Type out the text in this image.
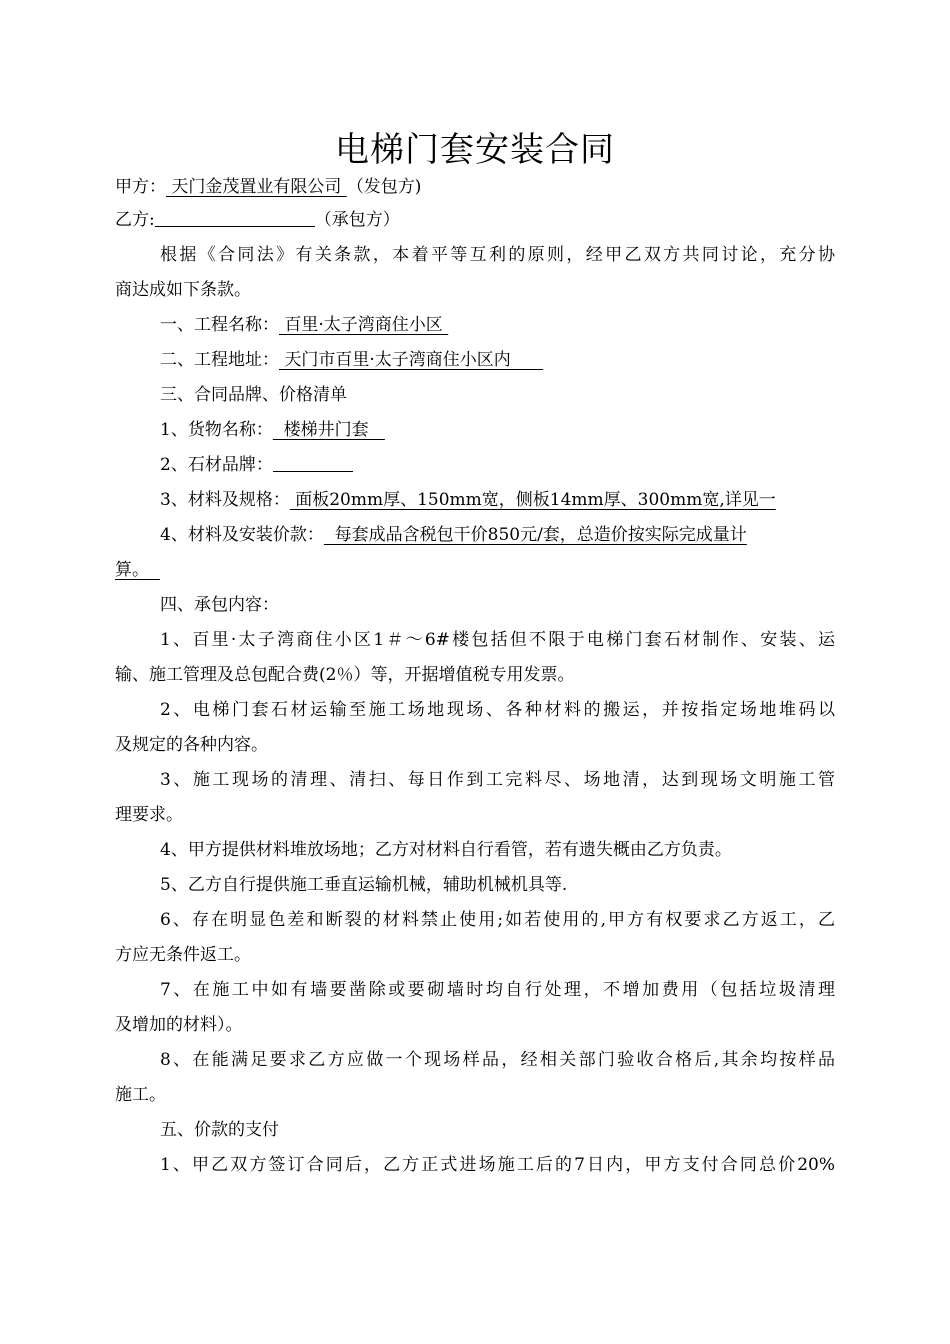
电梯门套安装合同
甲方： 天门金茂置业有限公司 （发包方)
乙方:	（承包方）
根据《合同法》有关条款，本着平等互利的原则，经甲乙双方共同讨论，充分协
商达成如下条款。
一、工程名称： 百里·太子湾商住小区
二、工程地址： 天门市百里·太子湾商住小区内
三、合同品牌、价格清单
1、货物名称：  楼梯井门套
2、石材品牌：
3、材料及规格： 面板20mm厚、150mm宽，侧板14mm厚、300mm宽,详见一
4、材料及安装价款：  每套成品含税包干价850元/套，总造价按实际完成量计
算。
四、承包内容：
1、百里·太子湾商住小区1＃～6#楼包括但不限于电梯门套石材制作、安装、运
输、施工管理及总包配合费(2％）等，开据增值税专用发票。
2、电梯门套石材运输至施工场地现场、各种材料的搬运，并按指定场地堆码以
及规定的各种内容。
3、施工现场的清理、清扫、每日作到工完料尽、场地清，达到现场文明施工管
理要求。
4、甲方提供材料堆放场地；乙方对材料自行看管，若有遗失概由乙方负责。
5、乙方自行提供施工垂直运输机械，辅助机械机具等.
6、存在明显色差和断裂的材料禁止使用;如若使用的,甲方有权要求乙方返工，乙
方应无条件返工。
7、在施工中如有墙要凿除或要砌墙时均自行处理，不增加费用（包括垃圾清理
及增加的材料）。
8、在能满足要求乙方应做一个现场样品，经相关部门验收合格后,其余均按样品
施工。
五、价款的支付
1、甲乙双方签订合同后，乙方正式进场施工后的7日内，甲方支付合同总价20%
